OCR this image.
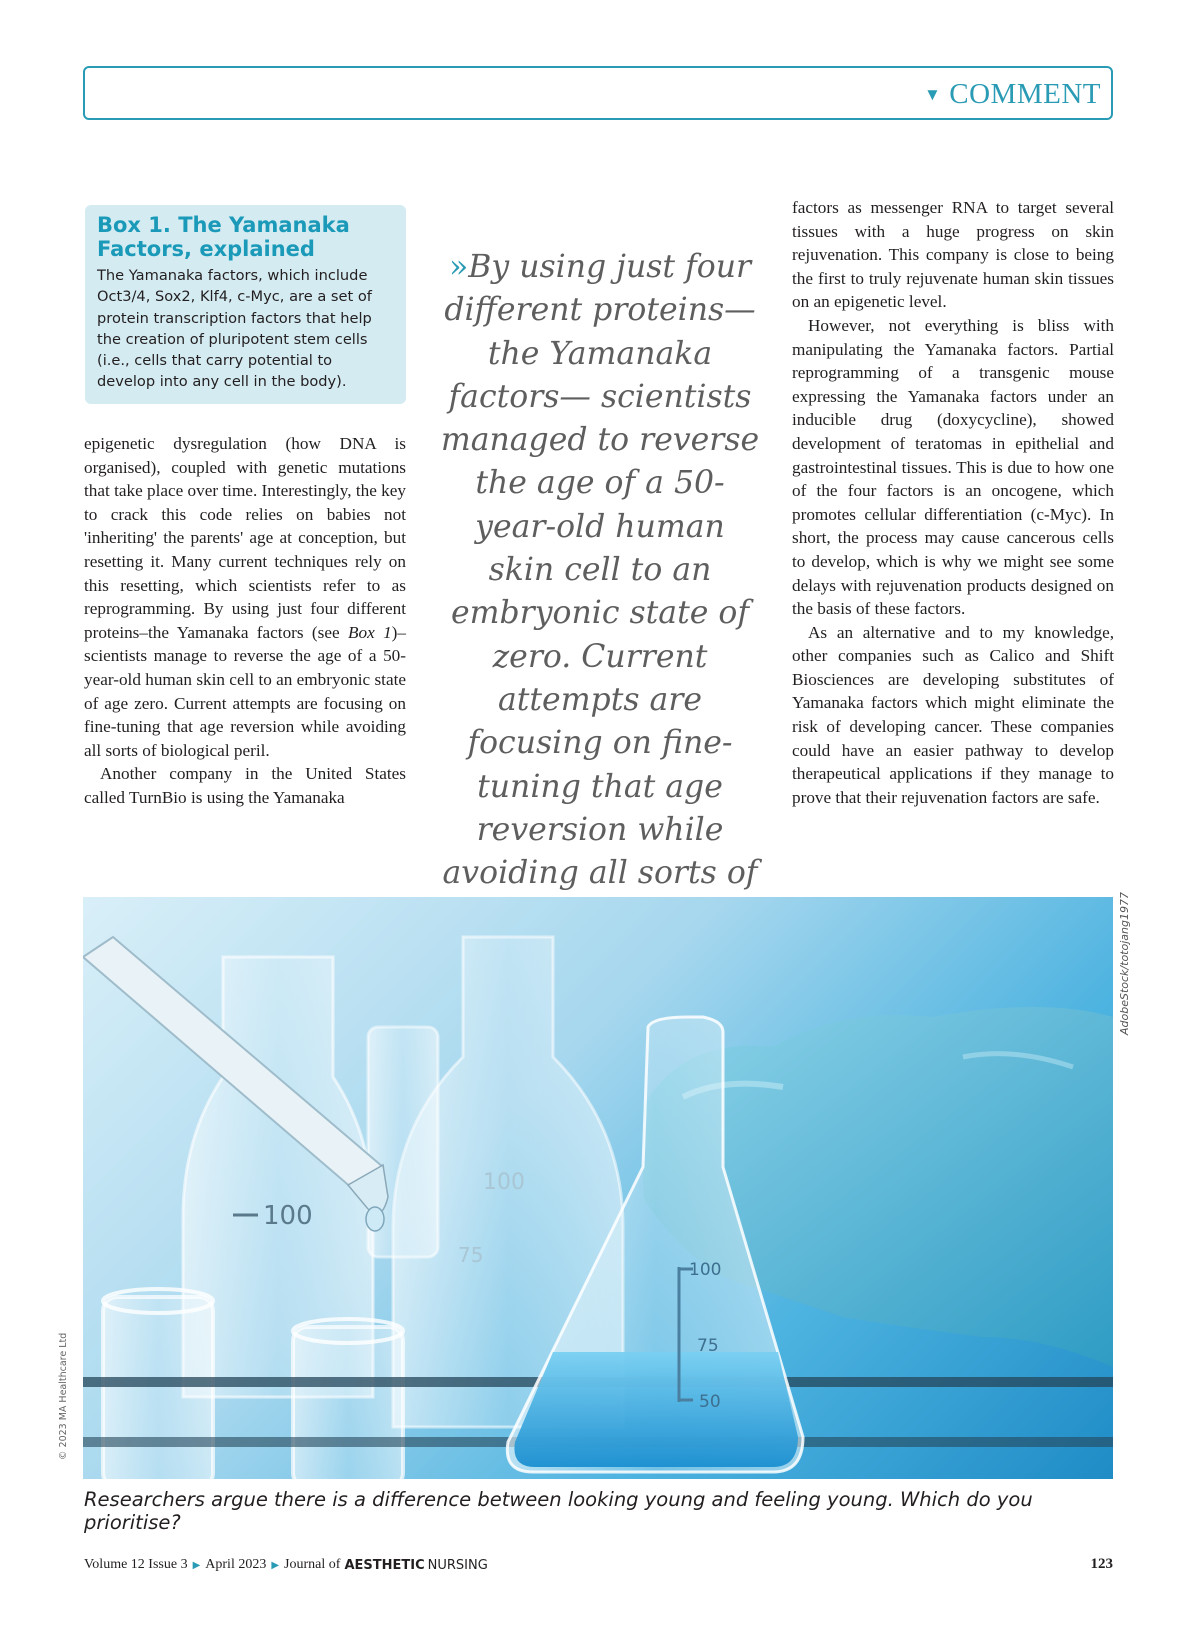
▼ COMMENT

Box 1. The Yamanaka Factors, explained

The Yamanaka factors, which include Oct3/4, Sox2, Klf4, c-Myc, are a set of protein transcription factors that help the creation of pluripotent stem cells (i.e., cells that carry potential to develop into any cell in the body).

epigenetic dysregulation (how DNA is organised), coupled with genetic mutations that take place over time. Interestingly, the key to crack this code relies on babies not 'inheriting' the parents' age at conception, but resetting it. Many current techniques rely on this resetting, which scientists refer to as reprogramming. By using just four different proteins–the Yamanaka factors (see Box 1)–scientists manage to reverse the age of a 50-year-old human skin cell to an embryonic state of age zero. Current attempts are focusing on fine-tuning that age reversion while avoiding all sorts of biological peril.

Another company in the United States called TurnBio is using the Yamanaka

»By using just four different proteins— the Yamanaka factors— scientists managed to reverse the age of a 50-year-old human skin cell to an embryonic state of zero. Current attempts are focusing on fine-tuning that age reversion while avoiding all sorts of

factors as messenger RNA to target several tissues with a huge progress on skin rejuvenation. This company is close to being the first to truly rejuvenate human skin tissues on an epigenetic level.

However, not everything is bliss with manipulating the Yamanaka factors. Partial reprogramming of a transgenic mouse expressing the Yamanaka factors under an inducible drug (doxycycline), showed development of teratomas in epithelial and gastrointestinal tissues. This is due to how one of the four factors is an oncogene, which promotes cellular differentiation (c-Myc). In short, the process may cause cancerous cells to develop, which is why we might see some delays with rejuvenation products designed on the basis of these factors.

As an alternative and to my knowledge, other companies such as Calico and Shift Biosciences are developing substitutes of Yamanaka factors which might eliminate the risk of developing cancer. These companies could have an easier pathway to develop therapeutical applications if they manage to prove that their rejuvenation factors are safe.

100
100
75
100
75
50
AdobeStock/totojang1977
© 2023 MA Healthcare Ltd
Researchers argue there is a difference between looking young and feeling young. Which do you prioritise?
Volume 12 Issue 3 ▶ April 2023 ▶ Journal of AESTHETIC NURSING	123
